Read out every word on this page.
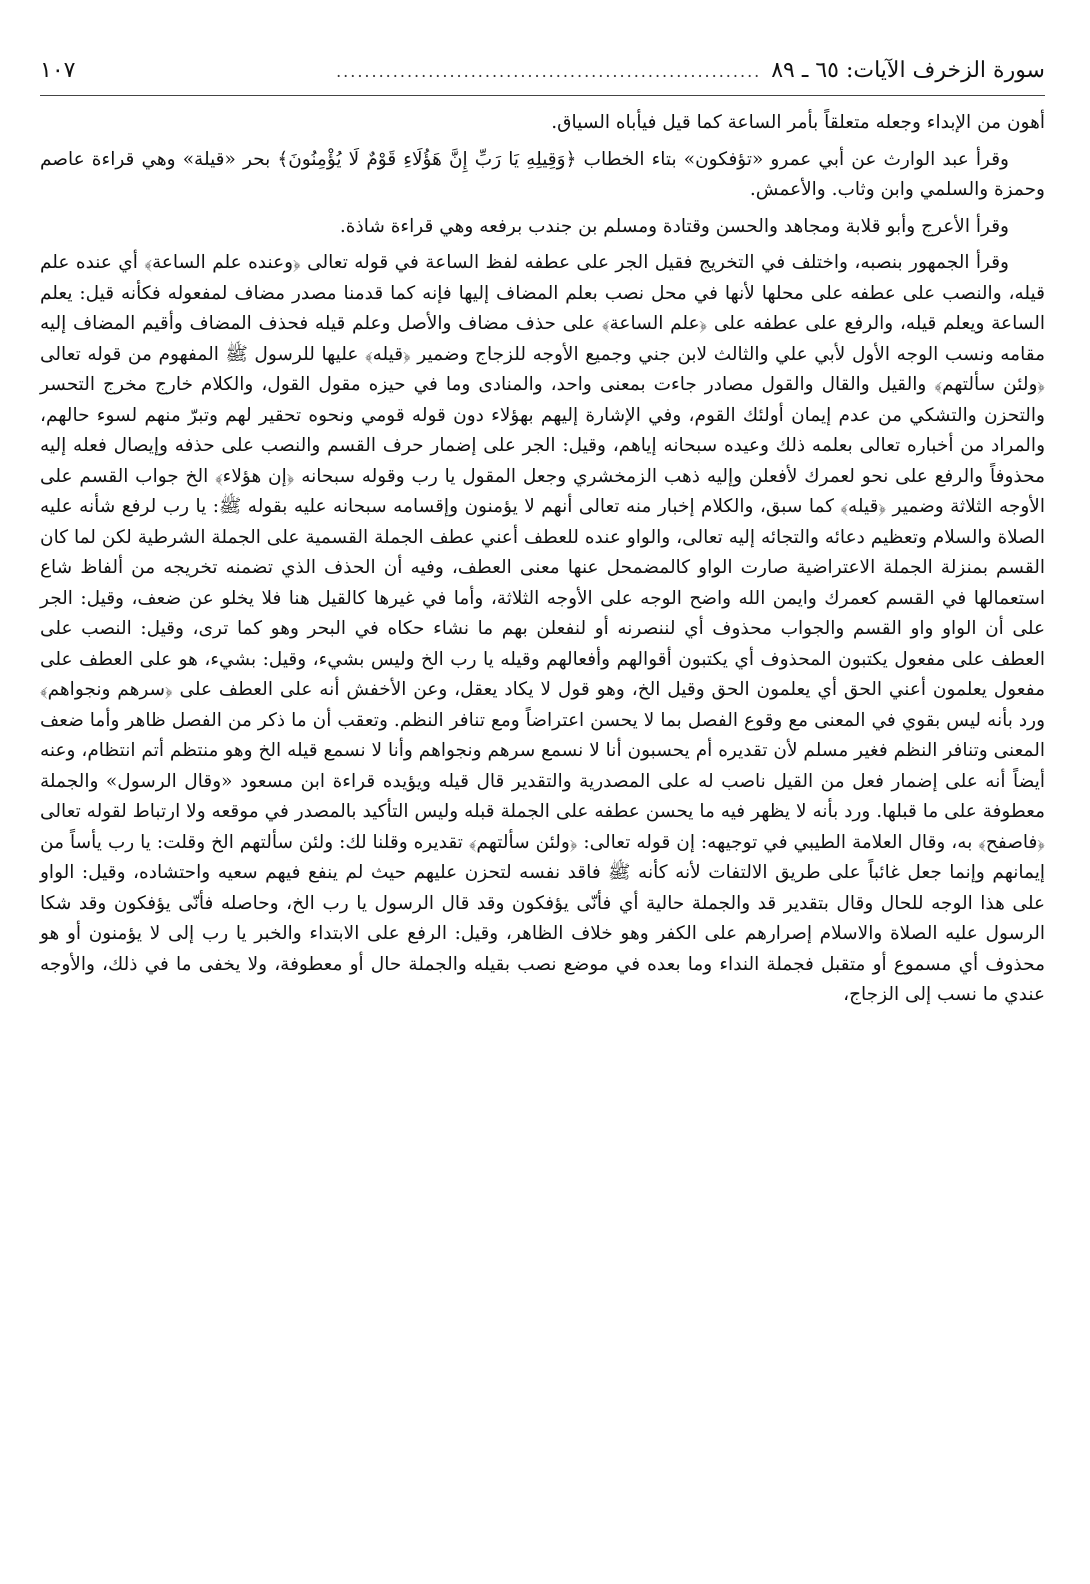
سورة الزخرف الآيات: ٦٥ ـ ٨٩
............................................................
١٠٧

أهون من الإبداء وجعله متعلقاً بأمر الساعة كما قيل فيأباه السياق.

وقرأ عبد الوارث عن أبي عمرو «تؤفكون» بتاء الخطاب ﴿وَقِيلِهِ يَا رَبِّ إِنَّ هَؤُلَاءِ قَوْمٌ لَا يُؤْمِنُونَ﴾ بحر «قيلة» وهي قراءة عاصم وحمزة والسلمي وابن وثاب. والأعمش.

وقرأ الأعرج وأبو قلابة ومجاهد والحسن وقتادة ومسلم بن جندب برفعه وهي قراءة شاذة.

وقرأ الجمهور بنصبه، واختلف في التخريج فقيل الجر على عطفه لفظ الساعة في قوله تعالى ﴿وعنده علم الساعة﴾ أي عنده علم قيله، والنصب على عطفه على محلها لأنها في محل نصب بعلم المضاف إليها فإنه كما قدمنا مصدر مضاف لمفعوله فكأنه قيل: يعلم الساعة ويعلم قيله، والرفع على عطفه على ﴿علم الساعة﴾ على حذف مضاف والأصل وعلم قيله فحذف المضاف وأقيم المضاف إليه مقامه ونسب الوجه الأول لأبي علي والثالث لابن جني وجميع الأوجه للزجاج وضمير ﴿قيله﴾ عليها للرسول ﷺ المفهوم من قوله تعالى ﴿ولئن سألتهم﴾ والقيل والقال والقول مصادر جاءت بمعنى واحد، والمنادى وما في حيزه مقول القول، والكلام خارج مخرج التحسر والتحزن والتشكي من عدم إيمان أولئك القوم، وفي الإشارة إليهم بهؤلاء دون قوله قومي ونحوه تحقير لهم وتبرّ منهم لسوء حالهم، والمراد من أخباره تعالى بعلمه ذلك وعيده سبحانه إياهم، وقيل: الجر على إضمار حرف القسم والنصب على حذفه وإيصال فعله إليه محذوفاً والرفع على نحو لعمرك لأفعلن وإليه ذهب الزمخشري وجعل المقول يا رب وقوله سبحانه ﴿إن هؤلاء﴾ الخ جواب القسم على الأوجه الثلاثة وضمير ﴿قيله﴾ كما سبق، والكلام إخبار منه تعالى أنهم لا يؤمنون وإقسامه سبحانه عليه بقوله ﷺ: يا رب لرفع شأنه عليه الصلاة والسلام وتعظيم دعائه والتجائه إليه تعالى، والواو عنده للعطف أعني عطف الجملة القسمية على الجملة الشرطية لكن لما كان القسم بمنزلة الجملة الاعتراضية صارت الواو كالمضمحل عنها معنى العطف، وفيه أن الحذف الذي تضمنه تخريجه من ألفاظ شاع استعمالها في القسم كعمرك وايمن الله واضح الوجه على الأوجه الثلاثة، وأما في غيرها كالقيل هنا فلا يخلو عن ضعف، وقيل: الجر على أن الواو واو القسم والجواب محذوف أي لننصرنه أو لنفعلن بهم ما نشاء حكاه في البحر وهو كما ترى، وقيل: النصب على العطف على مفعول يكتبون المحذوف أي يكتبون أقوالهم وأفعالهم وقيله يا رب الخ وليس بشيء، وقيل: بشيء، هو على العطف على مفعول يعلمون أعني الحق أي يعلمون الحق وقيل الخ، وهو قول لا يكاد يعقل، وعن الأخفش أنه على العطف على ﴿سرهم ونجواهم﴾ ورد بأنه ليس بقوي في المعنى مع وقوع الفصل بما لا يحسن اعتراضاً ومع تنافر النظم. وتعقب أن ما ذكر من الفصل ظاهر وأما ضعف المعنى وتنافر النظم فغير مسلم لأن تقديره أم يحسبون أنا لا نسمع سرهم ونجواهم وأنا لا نسمع قيله الخ وهو منتظم أتم انتظام، وعنه أيضاً أنه على إضمار فعل من القيل ناصب له على المصدرية والتقدير قال قيله ويؤيده قراءة ابن مسعود «وقال الرسول» والجملة معطوفة على ما قبلها. ورد بأنه لا يظهر فيه ما يحسن عطفه على الجملة قبله وليس التأكيد بالمصدر في موقعه ولا ارتباط لقوله تعالى ﴿فاصفح﴾ به، وقال العلامة الطيبي في توجيهه: إن قوله تعالى: ﴿ولئن سألتهم﴾ تقديره وقلنا لك: ولئن سألتهم الخ وقلت: يا رب يأساً من إيمانهم وإنما جعل غائباً على طريق الالتفات لأنه كأنه ﷺ فاقد نفسه لتحزن عليهم حيث لم ينفع فيهم سعيه واحتشاده، وقيل: الواو على هذا الوجه للحال وقال بتقدير قد والجملة حالية أي فأنّى يؤفكون وقد قال الرسول يا رب الخ، وحاصله فأنّى يؤفكون وقد شكا الرسول عليه الصلاة والاسلام إصرارهم على الكفر وهو خلاف الظاهر، وقيل: الرفع على الابتداء والخبر يا رب إلى لا يؤمنون أو هو محذوف أي مسموع أو متقبل فجملة النداء وما بعده في موضع نصب بقيله والجملة حال أو معطوفة، ولا يخفى ما في ذلك، والأوجه عندي ما نسب إلى الزجاج،
